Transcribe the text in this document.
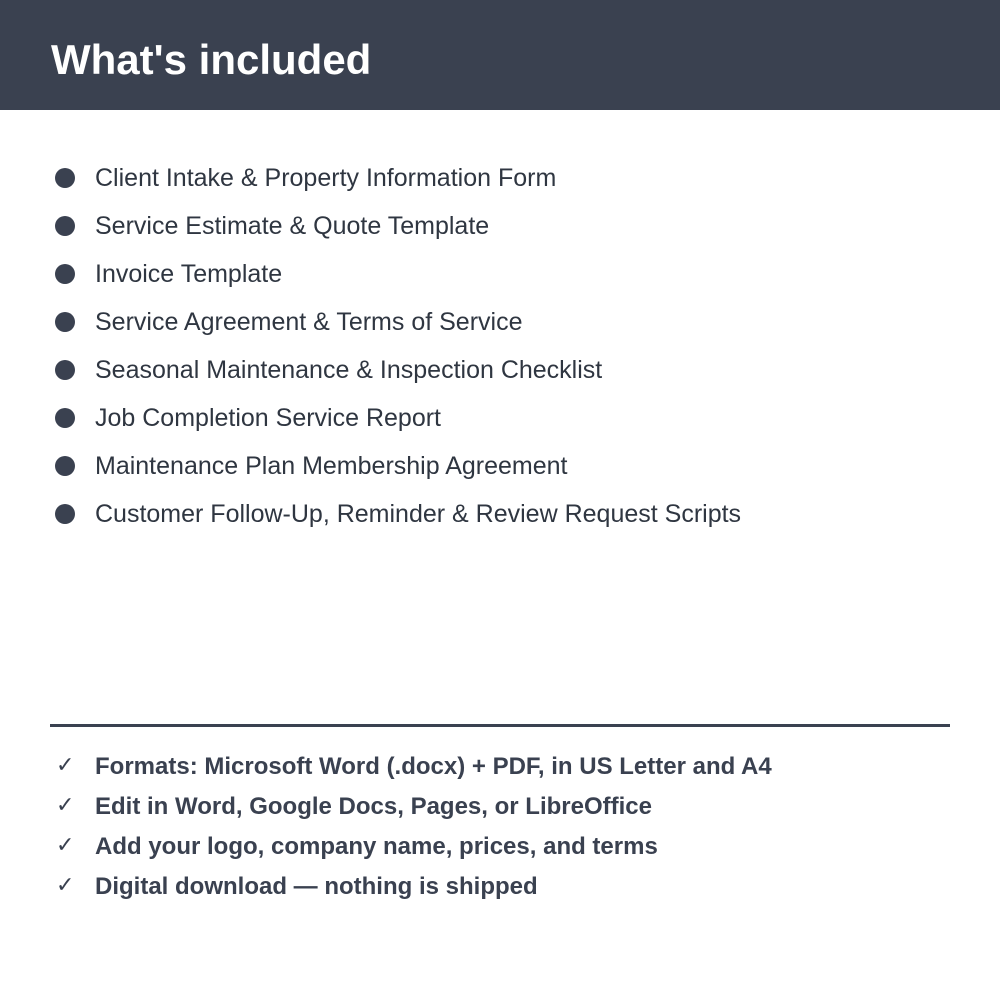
What's included
Client Intake & Property Information Form
Service Estimate & Quote Template
Invoice Template
Service Agreement & Terms of Service
Seasonal Maintenance & Inspection Checklist
Job Completion Service Report
Maintenance Plan Membership Agreement
Customer Follow-Up, Reminder & Review Request Scripts
✓ Formats: Microsoft Word (.docx) + PDF, in US Letter and A4
✓ Edit in Word, Google Docs, Pages, or LibreOffice
✓ Add your logo, company name, prices, and terms
✓ Digital download — nothing is shipped
